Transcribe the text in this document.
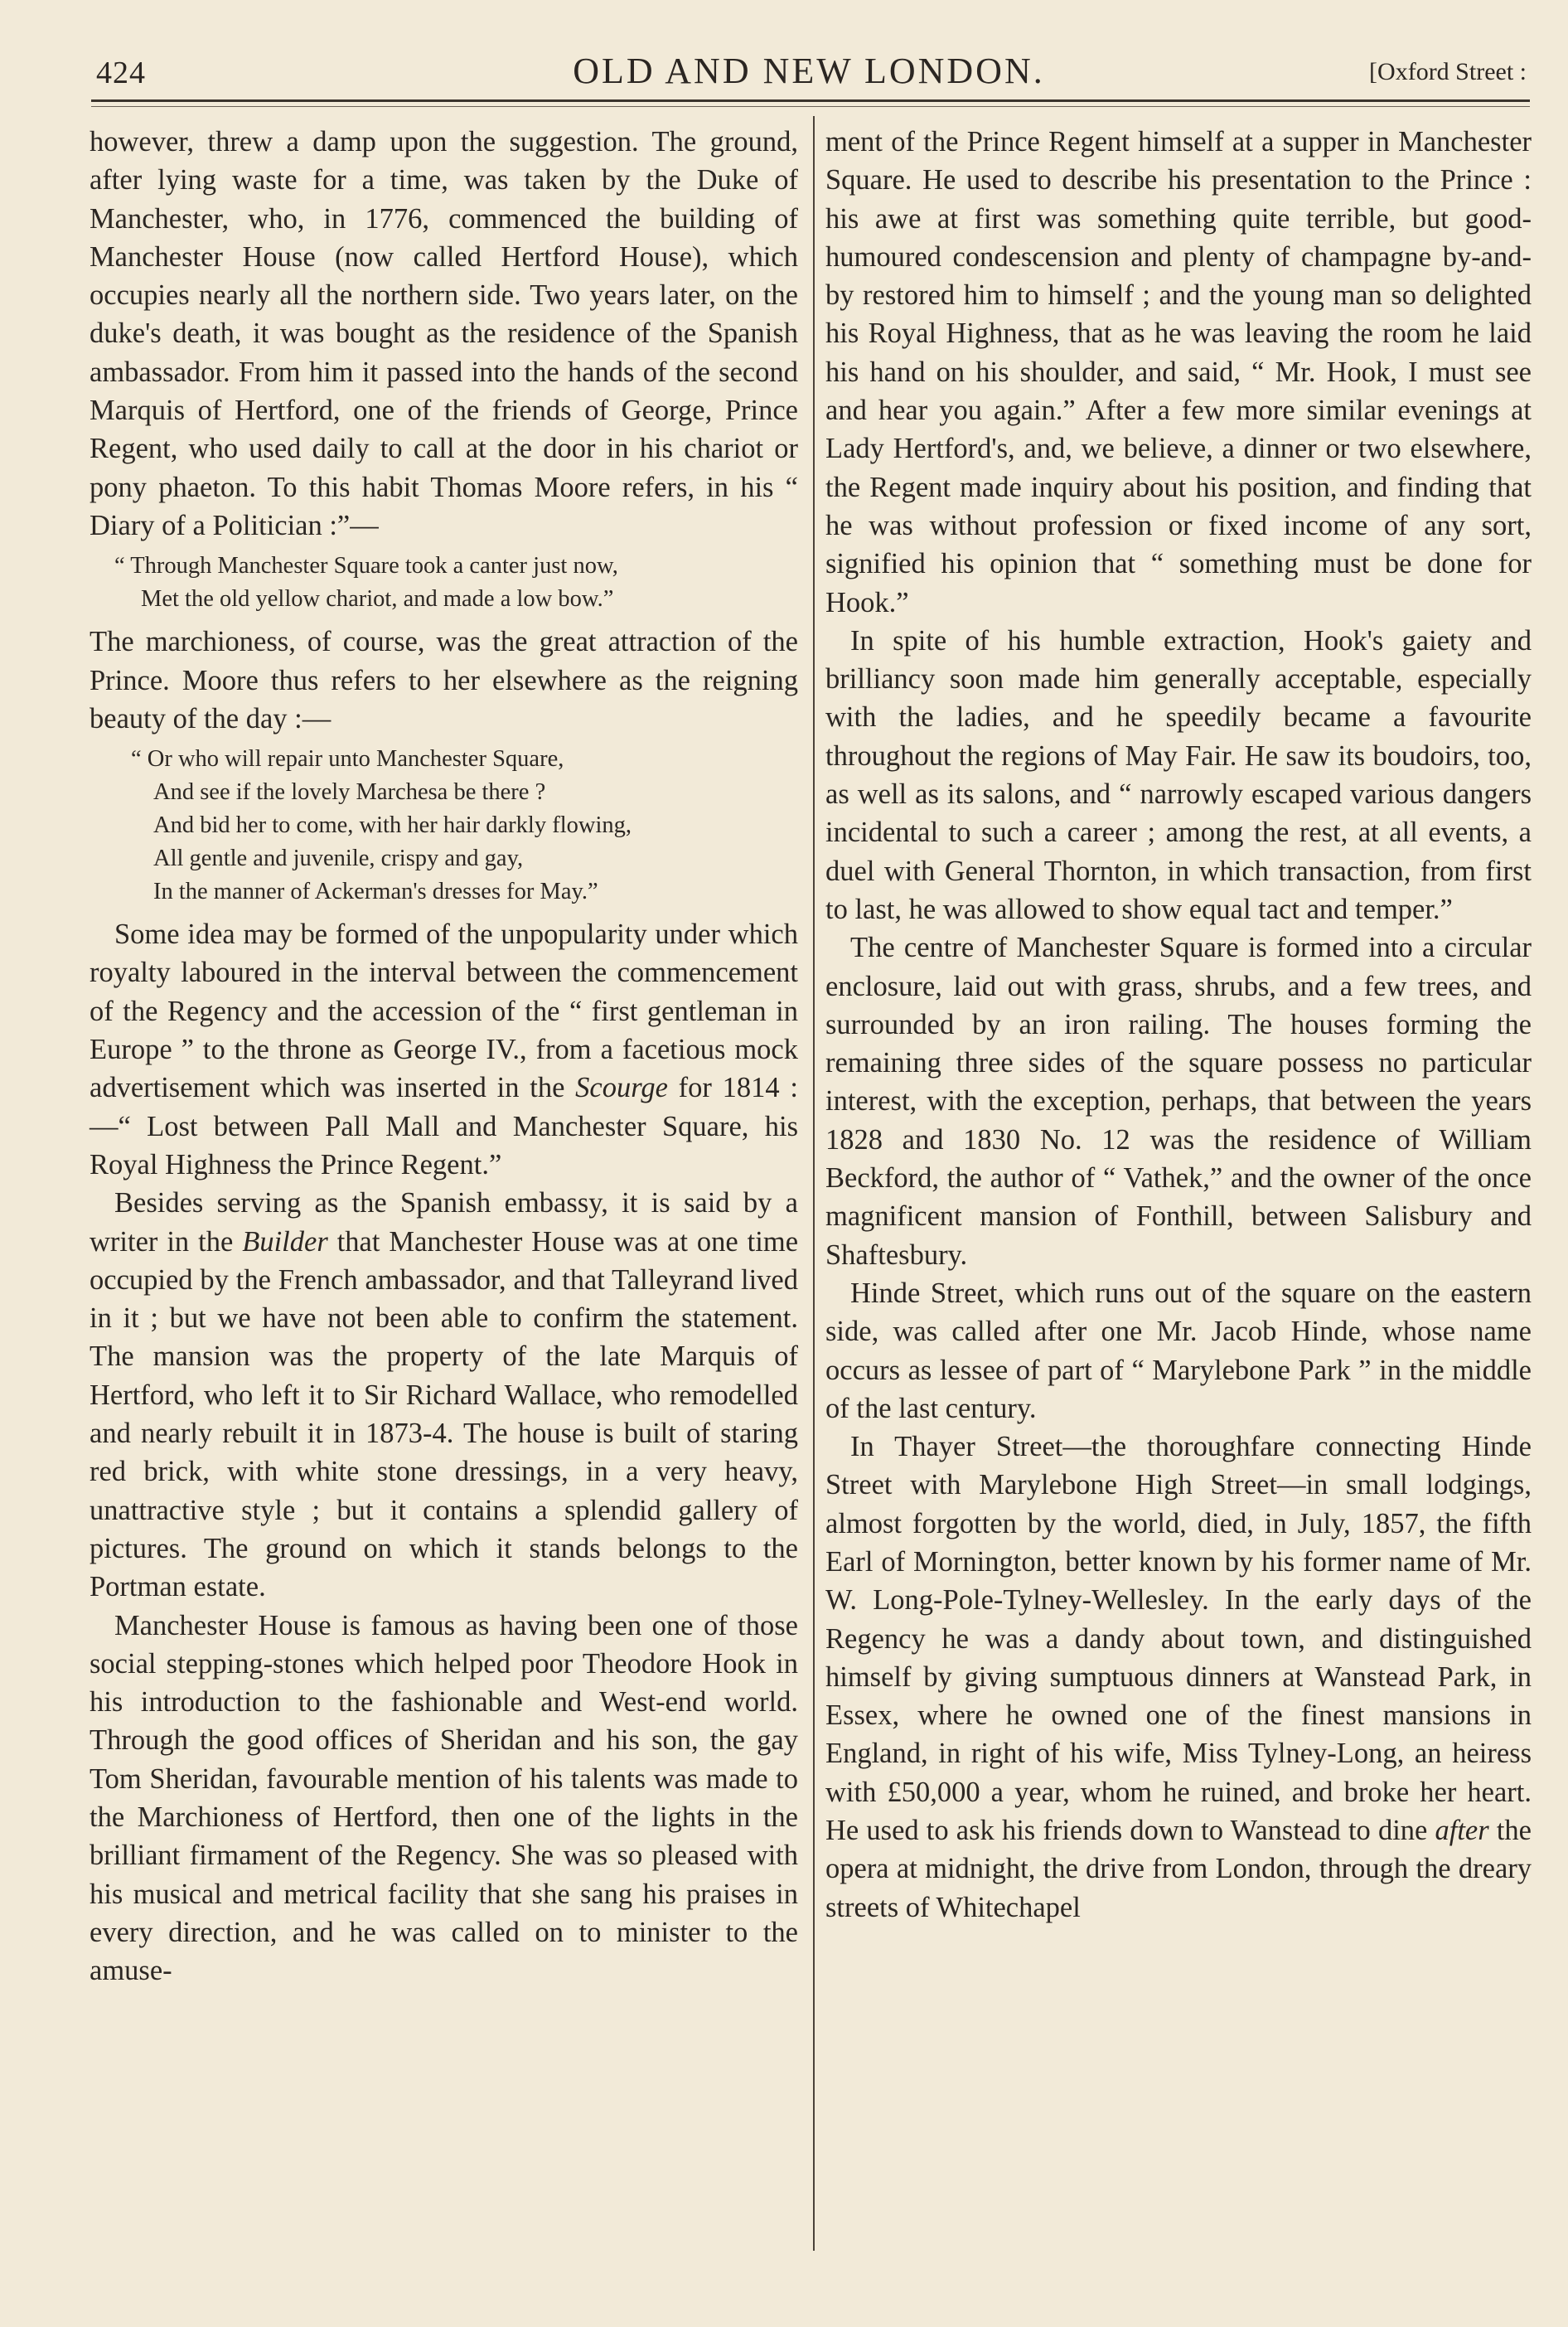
424	OLD AND NEW LONDON.	[Oxford Street :

however, threw a damp upon the suggestion. The ground, after lying waste for a time, was taken by the Duke of Manchester, who, in 1776, commenced the building of Manchester House (now called Hertford House), which occupies nearly all the northern side. Two years later, on the duke's death, it was bought as the residence of the Spanish ambassador. From him it passed into the hands of the second Marquis of Hertford, one of the friends of George, Prince Regent, who used daily to call at the door in his chariot or pony phaeton. To this habit Thomas Moore refers, in his “ Diary of a Politician :”—

“ Through Manchester Square took a canter just now,
Met the old yellow chariot, and made a low bow.”

The marchioness, of course, was the great attraction of the Prince. Moore thus refers to her elsewhere as the reigning beauty of the day :—

“ Or who will repair unto Manchester Square,
And see if the lovely Marchesa be there ?
And bid her to come, with her hair darkly flowing,
All gentle and juvenile, crispy and gay,
In the manner of Ackerman's dresses for May.”

Some idea may be formed of the unpopularity under which royalty laboured in the interval between the commencement of the Regency and the accession of the “ first gentleman in Europe ” to the throne as George IV., from a facetious mock advertisement which was inserted in the Scourge for 1814 :—“ Lost between Pall Mall and Manchester Square, his Royal Highness the Prince Regent.”

Besides serving as the Spanish embassy, it is said by a writer in the Builder that Manchester House was at one time occupied by the French ambassador, and that Talleyrand lived in it ; but we have not been able to confirm the statement. The mansion was the property of the late Marquis of Hertford, who left it to Sir Richard Wallace, who remodelled and nearly rebuilt it in 1873-4. The house is built of staring red brick, with white stone dressings, in a very heavy, unattractive style ; but it contains a splendid gallery of pictures. The ground on which it stands belongs to the Portman estate.

Manchester House is famous as having been one of those social stepping-stones which helped poor Theodore Hook in his introduction to the fashionable and West-end world. Through the good offices of Sheridan and his son, the gay Tom Sheridan, favourable mention of his talents was made to the Marchioness of Hertford, then one of the lights in the brilliant firmament of the Regency. She was so pleased with his musical and metrical facility that she sang his praises in every direction, and he was called on to minister to the amuse-

ment of the Prince Regent himself at a supper in Manchester Square. He used to describe his presentation to the Prince : his awe at first was something quite terrible, but good-humoured condescension and plenty of champagne by-and-by restored him to himself ; and the young man so delighted his Royal Highness, that as he was leaving the room he laid his hand on his shoulder, and said, “ Mr. Hook, I must see and hear you again.” After a few more similar evenings at Lady Hertford's, and, we believe, a dinner or two elsewhere, the Regent made inquiry about his position, and finding that he was without profession or fixed income of any sort, signified his opinion that “ something must be done for Hook.”

In spite of his humble extraction, Hook's gaiety and brilliancy soon made him generally acceptable, especially with the ladies, and he speedily became a favourite throughout the regions of May Fair. He saw its boudoirs, too, as well as its salons, and “ narrowly escaped various dangers incidental to such a career ; among the rest, at all events, a duel with General Thornton, in which transaction, from first to last, he was allowed to show equal tact and temper.”

The centre of Manchester Square is formed into a circular enclosure, laid out with grass, shrubs, and a few trees, and surrounded by an iron railing. The houses forming the remaining three sides of the square possess no particular interest, with the exception, perhaps, that between the years 1828 and 1830 No. 12 was the residence of William Beckford, the author of “ Vathek,” and the owner of the once magnificent mansion of Fonthill, between Salisbury and Shaftesbury.

Hinde Street, which runs out of the square on the eastern side, was called after one Mr. Jacob Hinde, whose name occurs as lessee of part of “ Marylebone Park ” in the middle of the last century.

In Thayer Street—the thoroughfare connecting Hinde Street with Marylebone High Street—in small lodgings, almost forgotten by the world, died, in July, 1857, the fifth Earl of Mornington, better known by his former name of Mr. W. Long-Pole-Tylney-Wellesley. In the early days of the Regency he was a dandy about town, and distinguished himself by giving sumptuous dinners at Wanstead Park, in Essex, where he owned one of the finest mansions in England, in right of his wife, Miss Tylney-Long, an heiress with £50,000 a year, whom he ruined, and broke her heart. He used to ask his friends down to Wanstead to dine after the opera at midnight, the drive from London, through the dreary streets of Whitechapel
